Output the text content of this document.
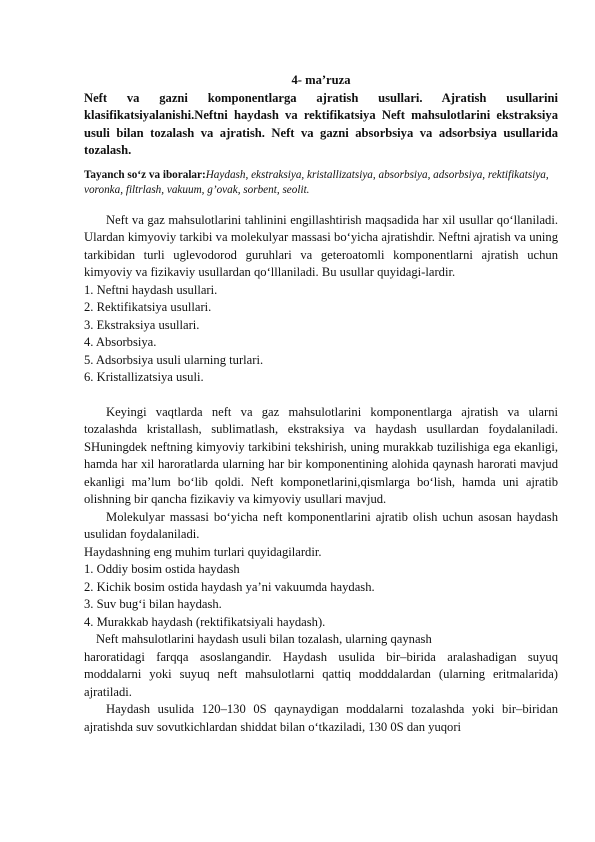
4- ma’ruza

Neft va gazni komponentlarga ajratish usullari. Ajratish usullarini klasifikatsiyalanishi.Neftni haydash va rektifikatsiya Neft mahsulotlarini ekstraksiya usuli bilan tozalash va ajratish. Neft va gazni absorbsiya va adsorbsiya usullarida tozalash.

Tayanch so‘z va iboralar:Haydash, ekstraksiya, kristallizatsiya, absorbsiya, adsorbsiya, rektifikatsiya, voronka, filtrlash, vakuum, g’ovak, sorbent, seolit.

Neft va gaz mahsulotlarini tahlinini engillashtirish maqsadida har xil usullar qo‘llaniladi. Ulardan kimyoviy tarkibi va molekulyar massasi bo‘yicha ajratishdir. Neftni ajratish va uning tarkibidan turli uglevodorod guruhlari va geteroatomli komponentlarni ajratish uchun kimyoviy va fizikaviy usullardan qo‘lllaniladi. Bu usullar quyidagi-lardir.

1. Neftni haydash usullari.
2. Rektifikatsiya usullari.
3. Ekstraksiya usullari.
4. Absorbsiya.
5. Adsorbsiya usuli ularning turlari.
6. Kristallizatsiya usuli.

Keyingi vaqtlarda neft va gaz mahsulotlarini komponentlarga ajratish va ularni tozalashda kristallash, sublimatlash, ekstraksiya va haydash usullardan foydalaniladi. SHuningdek neftning kimyoviy tarkibini tekshirish, uning murakkab tuzilishiga ega ekanligi, hamda har xil haroratlarda ularning har bir komponentining alohida qaynash harorati mavjud ekanligi ma’lum bo‘lib qoldi. Neft komponetlarini,qismlarga bo‘lish, hamda uni ajratib olishning bir qancha fizikaviy va kimyoviy usullari mavjud.

Molekulyar massasi bo‘yicha neft komponentlarini ajratib olish uchun asosan haydash usulidan foydalaniladi.

Haydashning eng muhim turlari quyidagilardir.

1. Oddiy bosim ostida haydash
2. Kichik bosim ostida haydash ya’ni vakuumda haydash.
3. Suv bug‘i bilan haydash.
4. Murakkab haydash (rektifikatsiyali haydash).

Neft mahsulotlarini haydash usuli bilan tozalash, ularning qaynash

haroratidagi farqqa asoslangandir. Haydash usulida bir–birida aralashadigan suyuq moddalarni yoki suyuq neft mahsulotlarni qattiq modddalardan (ularning eritmalarida) ajratiladi.

Haydash usulida 120–130 0S qaynaydigan moddalarni tozalashda yoki bir–biridan ajratishda suv sovutkichlardan shiddat bilan o‘tkaziladi, 130 0S dan yuqori
